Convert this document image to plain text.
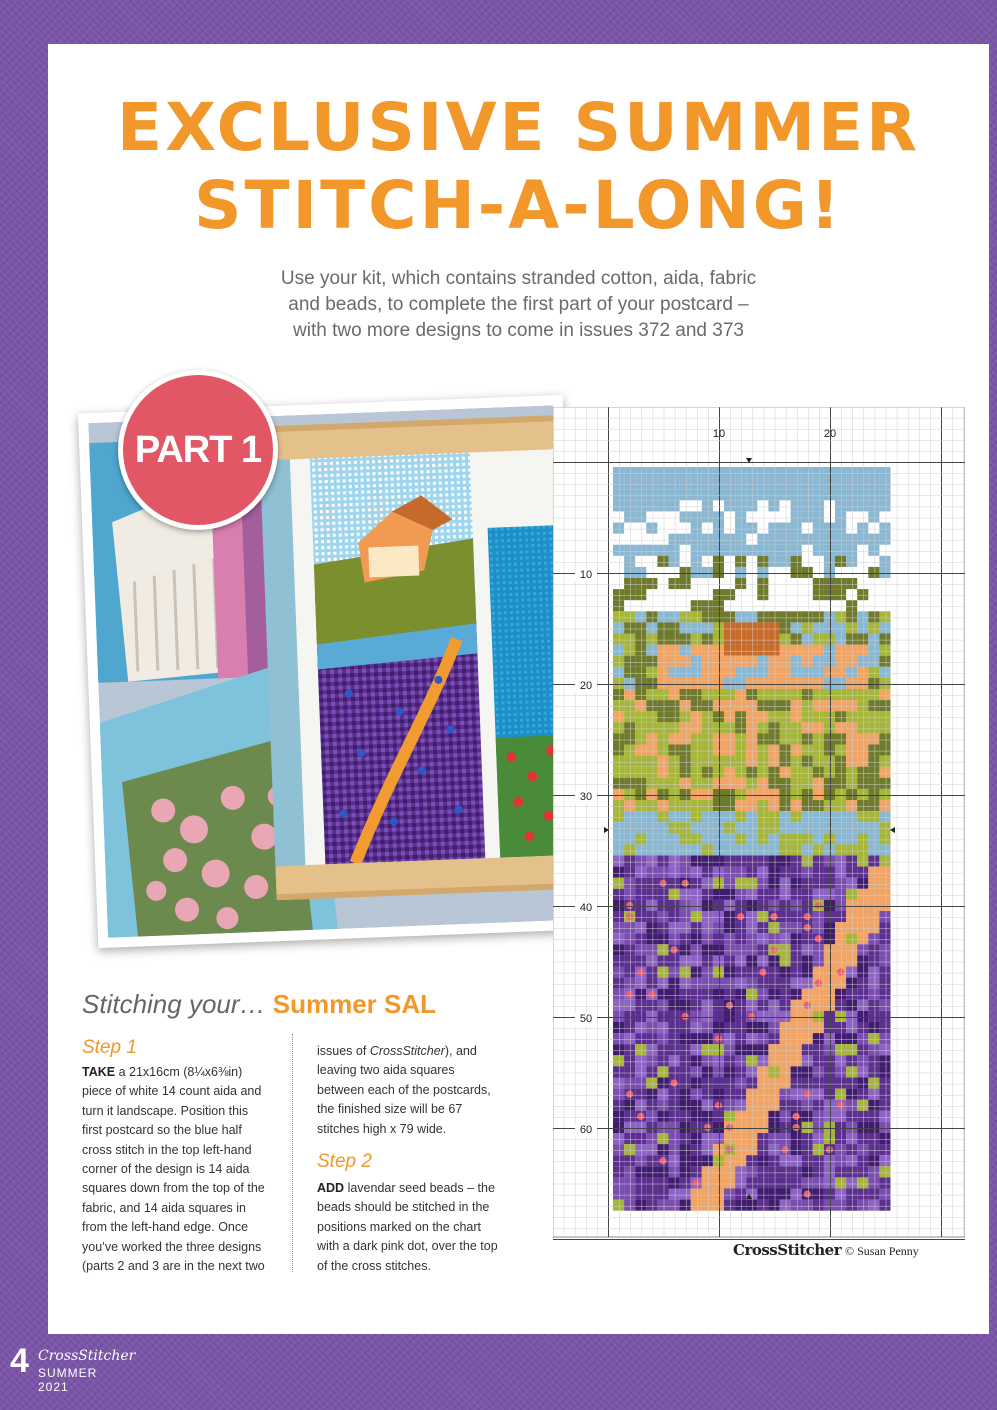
EXCLUSIVE SUMMER
STITCH-A-LONG!
Use your kit, which contains stranded cotton, aida, fabric
and beads, to complete the first part of your postcard –
with two more designs to come in issues 372 and 373
PART 1	10	20
10
20
30
40
50
60
CrossStitcher © Susan Penny
Stitching your… Summer SAL
Step 1
TAKE a 21x16cm (8¼x6⅜in)
piece of white 14 count aida and
turn it landscape. Position this
first postcard so the blue half
cross stitch in the top left-hand
corner of the design is 14 aida
squares down from the top of the
fabric, and 14 aida squares in
from the left-hand edge. Once
you’ve worked the three designs
(parts 2 and 3 are in the next two
issues of CrossStitcher), and
leaving two aida squares
between each of the postcards,
the finished size will be 67
stitches high x 79 wide.
Step 2
ADD lavendar seed beads – the
beads should be stitched in the
positions marked on the chart
with a dark pink dot, over the top
of the cross stitches.
4 CrossStitcher
SUMMER 2021
